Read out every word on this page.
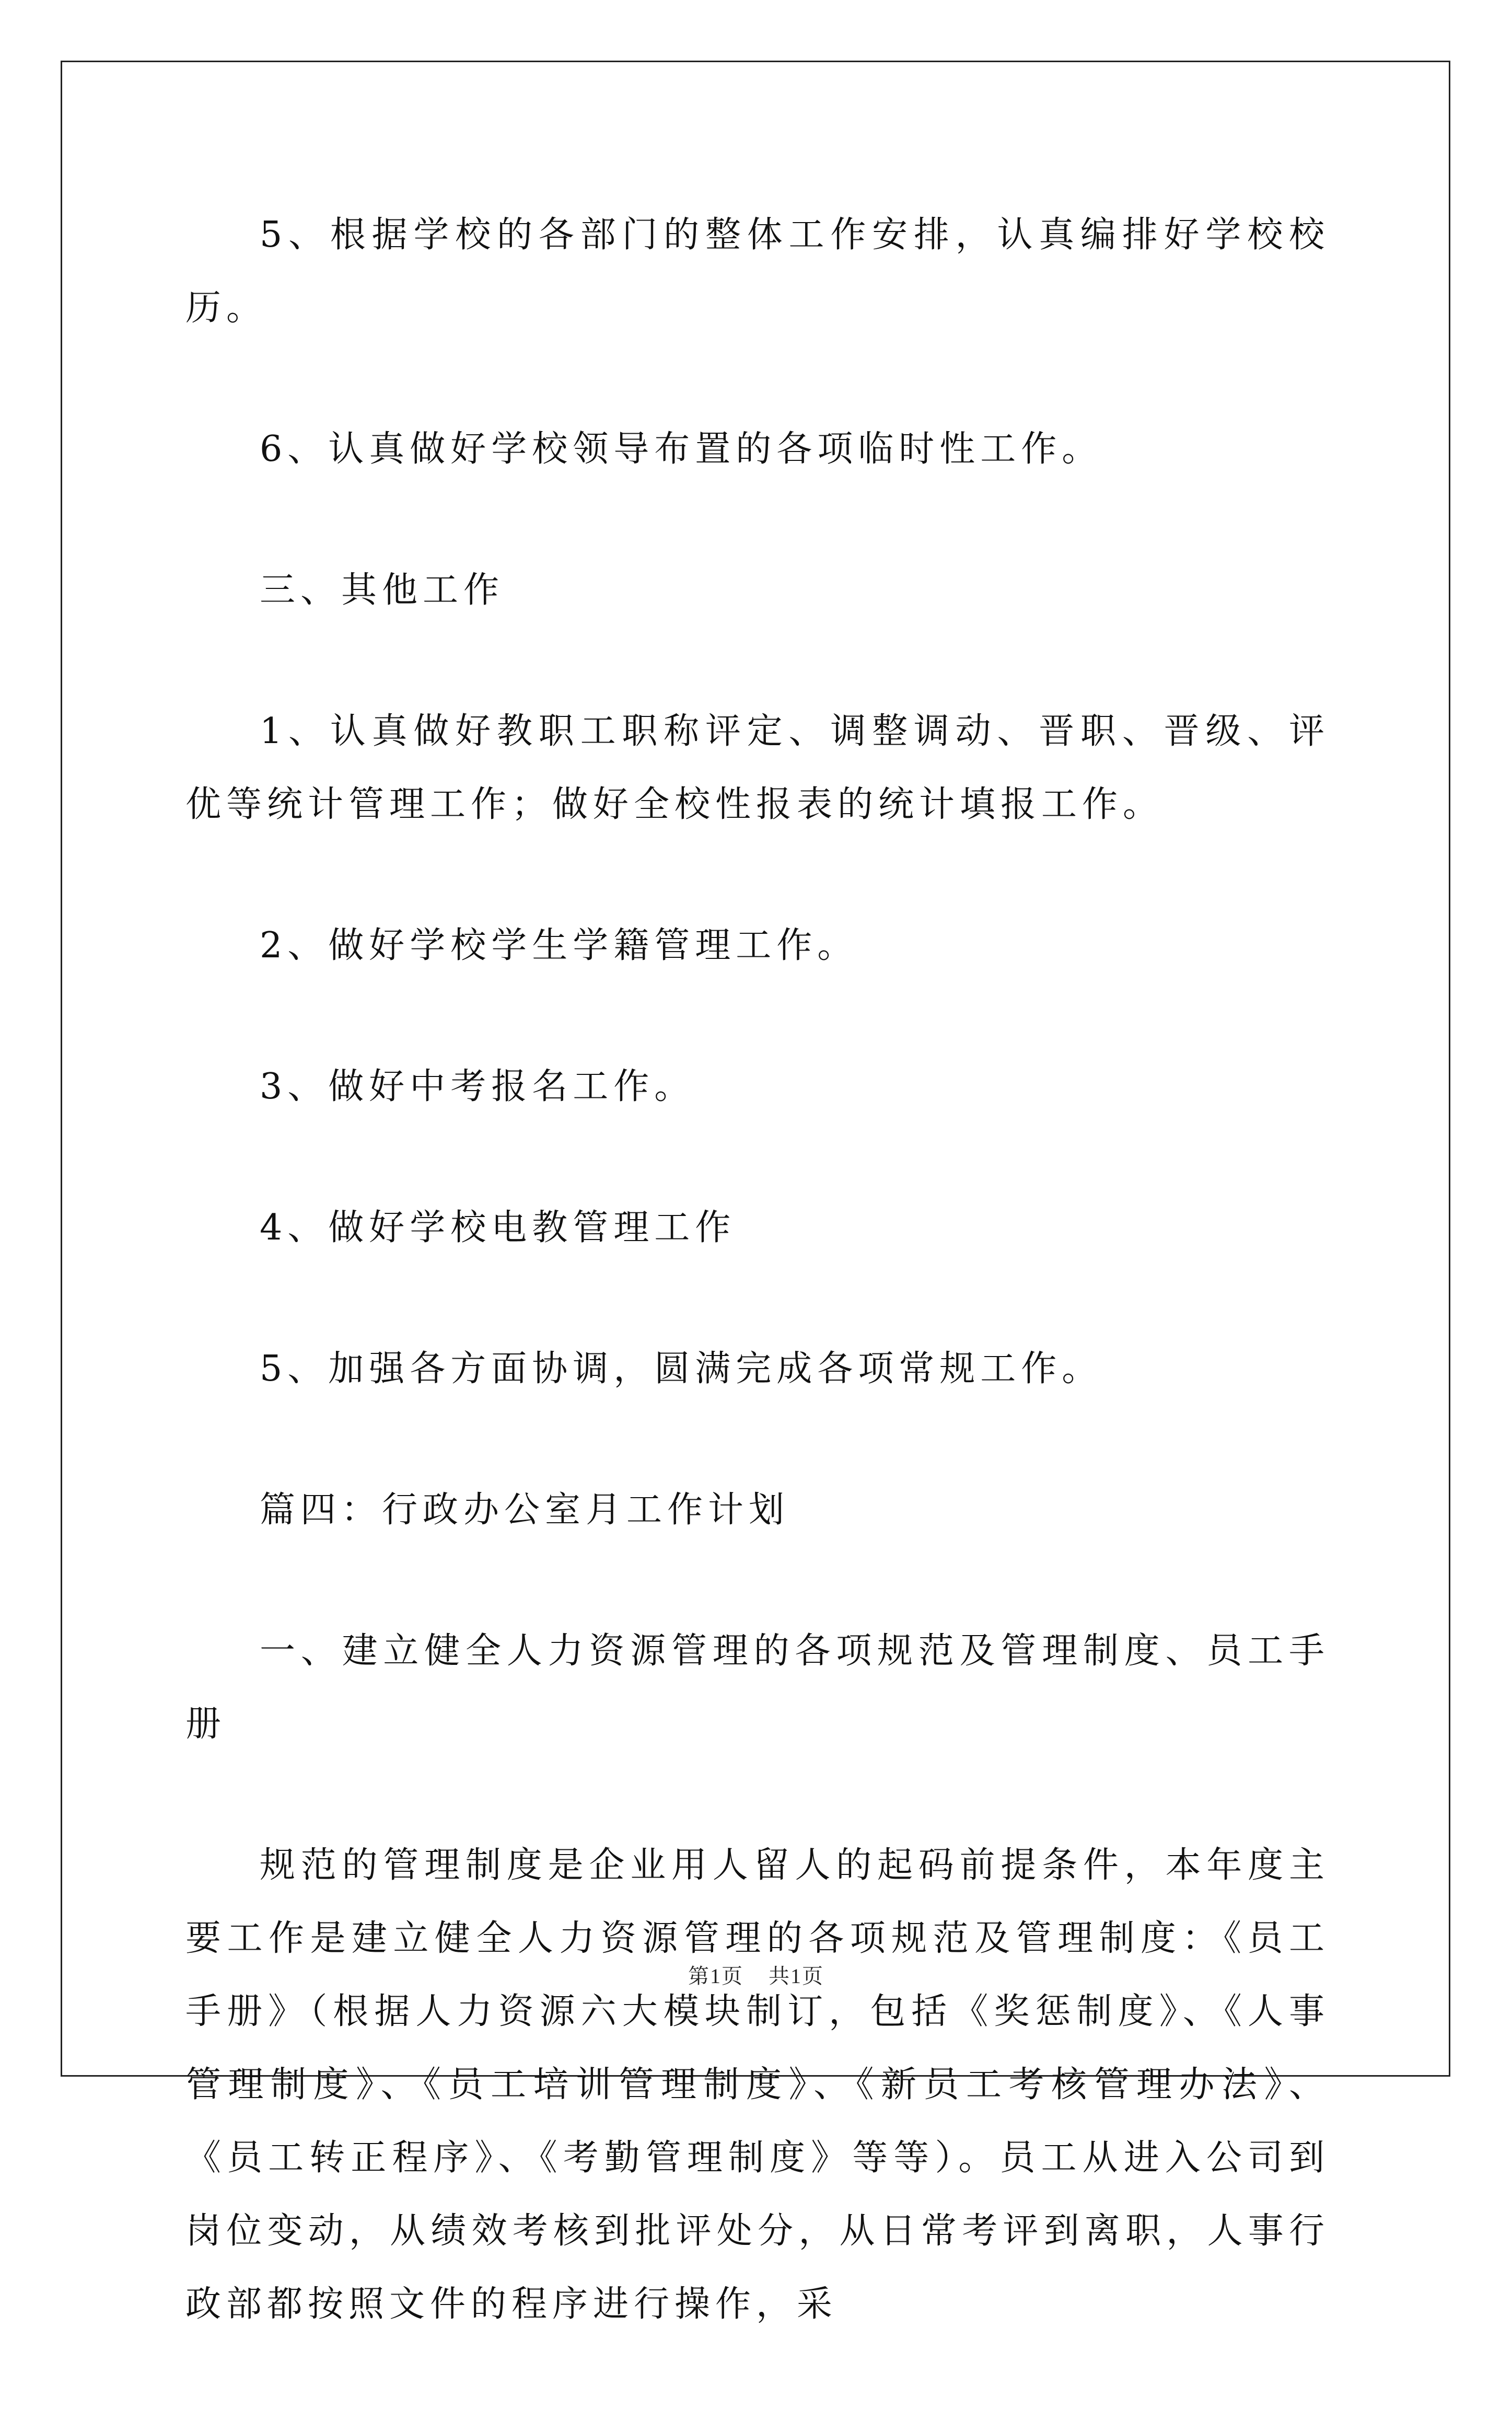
5、根据学校的各部门的整体工作安排，认真编排好学校校历。

6、认真做好学校领导布置的各项临时性工作。

三、其他工作

1、认真做好教职工职称评定、调整调动、晋职、晋级、评优等统计管理工作；做好全校性报表的统计填报工作。

2、做好学校学生学籍管理工作。

3、做好中考报名工作。

4、做好学校电教管理工作

5、加强各方面协调，圆满完成各项常规工作。

篇四：行政办公室月工作计划

一、建立健全人力资源管理的各项规范及管理制度、员工手册

规范的管理制度是企业用人留人的起码前提条件，本年度主要工作是建立健全人力资源管理的各项规范及管理制度：《员工手册》（根据人力资源六大模块制订，包括《奖惩制度》、《人事管理制度》、《员工培训管理制度》、《新员工考核管理办法》、《员工转正程序》、《考勤管理制度》等等）。员工从进入公司到岗位变动，从绩效考核到批评处分，从日常考评到离职，人事行政部都按照文件的程序进行操作，采

第1页 共1页
